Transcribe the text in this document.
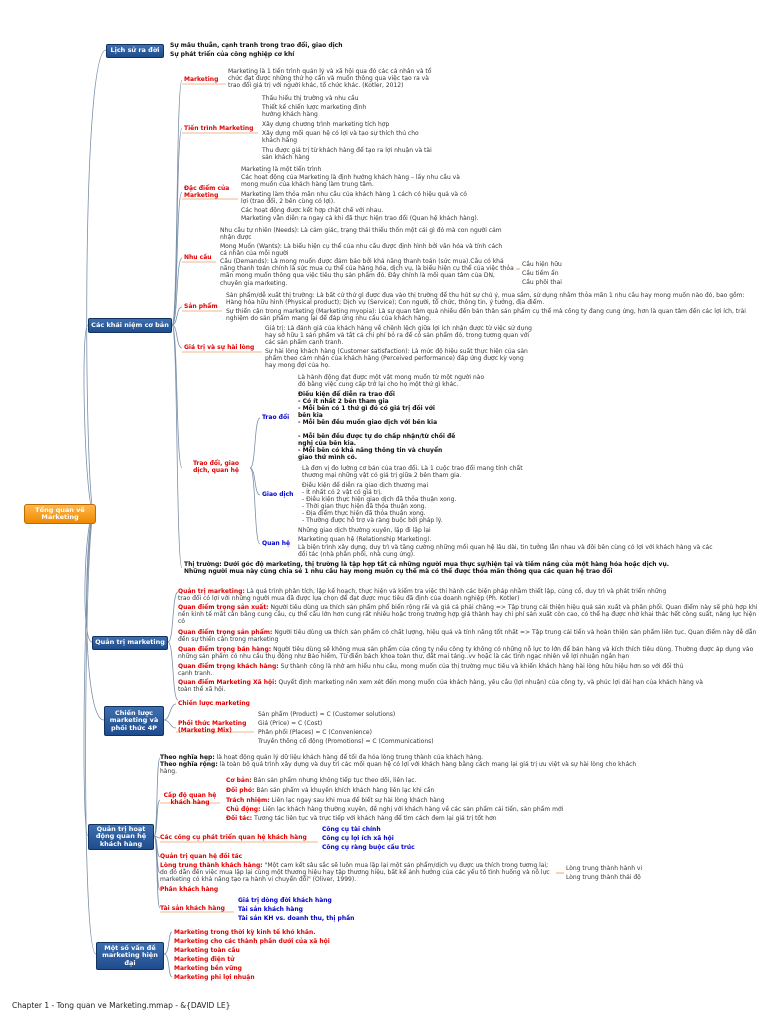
Tổng quan về Marketing
Lịch sử ra đời
Sự mâu thuẫn, cạnh tranh trong trao đổi, giao dịch
Sự phát triển của công nghiệp cơ khí
Các khái niệm cơ bản
Marketing
Marketing là 1 tiến trình quản lý và xã hội qua đó các cá nhân và tổ chức đạt được những thứ họ cần và muốn thông qua việc tạo ra và trao đổi giá trị với người khác, tổ chức khác. (Kotler, 2012)
Tiến trình Marketing
Thấu hiểu thị trường và nhu cầu
Thiết kế chiến lược marketing định hướng khách hàng
Xây dựng chương trình marketing tích hợp
Xây dựng mối quan hệ có lợi và tạo sự thích thú cho khách hàng
Thu được giá trị từ khách hàng để tạo ra lợi nhuận và tài sản khách hàng
Đặc điểm của Marketing
Marketing là một tiến trình
Các hoạt động của Marketing là định hướng khách hàng – lấy nhu cầu và mong muốn của khách hàng làm trung tâm.
Marketing làm thỏa mãn nhu cầu của khách hàng 1 cách có hiệu quả và có lợi (trao đổi, 2 bên cùng có lợi).
Các hoạt động được kết hợp chặt chẽ với nhau.
Marketing vẫn diễn ra ngay cả khi đã thực hiện trao đổi (Quan hệ khách hàng).
Nhu cầu
Nhu cầu tự nhiên (Needs): Là cảm giác, trạng thái thiếu thốn một cái gì đó mà con người cảm nhận được
Mong Muốn (Wants): Là biểu hiện cụ thể của nhu cầu được định hình bởi văn hóa và tính cách cá nhân của mỗi người
Cầu (Demands): Là mong muốn được đảm bảo bởi khả năng thanh toán (sức mua).Cầu có khả năng thanh toán chính là sức mua cụ thể của hàng hóa, dịch vụ, là biểu hiện cụ thể của việc thỏa mãn mong muốn thông qua việc tiêu thụ sản phẩm đó. Đây chính là mối quan tâm của DN, chuyên gia marketing.
Cầu hiện hữu
Cầu tiềm ẩn
Cầu phôi thai
Sản phẩm
Sản phẩm/dễ xuất thị trường: Là bất cứ thứ gì được đưa vào thị trường để thu hút sự chú ý, mua sắm, sử dụng nhằm thỏa mãn 1 nhu cầu hay mong muốn nào đó, bao gồm: Hàng hóa hữu hình (Physical product); Dịch vụ (Service); Con người, tổ chức, thông tin, ý tưởng, địa điểm.
Sự thiển cận trong marketing (Marketing myopia): Là sự quan tâm quá nhiều đến bản thân sản phẩm cụ thể mà công ty đang cung ứng, hơn là quan tâm đến các lợi ích, trải nghiệm do sản phẩm mang lại để đáp ứng nhu cầu của khách hàng.
Giá trị và sự hài lòng
Giá trị: Là đánh giá của khách hàng về chênh lệch giữa lợi ích nhận được từ việc sử dụng hay sở hữu 1 sản phẩm và tất cả chi phí bỏ ra để có sản phẩm đó, trong tương quan với các sản phẩm cạnh tranh.
Sự hài lòng khách hàng (Customer satisfaction): Là mức độ hiệu suất thực hiện của sản phẩm theo cảm nhận của khách hàng (Perceived performance) đáp ứng được kỳ vọng hay mong đợi của họ.
Trao đổi, giao dịch, quan hệ
Trao đổi
Là hành động đạt được một vật mong muốn từ một người nào đó bằng việc cung cấp trở lại cho họ một thứ gì khác.
Điều kiện để diễn ra trao đổi
- Có ít nhất 2 bên tham gia
- Mỗi bên có 1 thứ gì đó có giá trị đối với bên kia
- Mỗi bên đều muốn giao dịch với bên kia
- Mỗi bên đều được tự do chấp nhận/từ chối đề nghị của bên kia.
- Mỗi bên có khả năng thông tin và chuyển giao thứ mình có.
Giao dịch
Là đơn vị đo lường cơ bản của trao đổi. Là 1 cuộc trao đổi mang tính chất thương mại những vật có giá trị giữa 2 bên tham gia.
Điều kiện để diễn ra giao dịch thương mại
- Ít nhất có 2 vật có giá trị.
- Điều kiện thực hiện giao dịch đã thỏa thuận xong.
- Thời gian thực hiện đã thỏa thuận xong.
- Địa điểm thực hiện đã thỏa thuận xong.
- Thường được hỗ trợ và ràng buộc bởi pháp lý.
Quan hệ
Những giao dịch thường xuyên, lặp đi lặp lại
Marketing quan hệ (Relationship Marketing).
Là biện trình xây dựng, duy trì và tăng cường những mối quan hệ lâu dài, tin tưởng lẫn nhau và đôi bên cùng có lợi với khách hàng và các đối tác (nhà phân phối, nhà cung ứng).
Thị trường: Dưới góc độ marketing, thị trường là tập hợp tất cả những người mua thực sự/hiện tại và tiềm năng của một hàng hóa hoặc dịch vụ. Những người mua này cùng chia sẻ 1 nhu cầu hay mong muốn cụ thể mà có thể được thỏa mãn thông qua các quan hệ trao đổi
Quản trị marketing
Quản trị marketing: Là quá trình phân tích, lập kế hoạch, thực hiện và kiểm tra việc thi hành các biện pháp nhằm thiết lập, củng cố, duy trì và phát triển những trao đổi có lợi với những người mua đã được lựa chọn để đạt được mục tiêu đã định của doanh nghiệp (Ph. Kotler)
Quan điểm trọng sản xuất: Người tiêu dùng ưa thích sản phẩm phổ biến rộng rãi và giá cả phải chăng => Tập trung cải thiện hiệu quả sản xuất và phân phối. Quan điểm này sẽ phù hợp khi nền kinh tế mất cân bằng cung cầu, cụ thể cầu lớn hơn cung rất nhiều hoặc trong trường hợp giá thành hay chi phí sản xuất còn cao, có thể hạ được nhờ khai thác hết công suất, nâng lực hiện có
Quan điểm trọng sản phẩm: Người tiêu dùng ưa thích sản phẩm có chất lượng, hiệu quả và tính năng tốt nhất => Tập trung cải tiến và hoàn thiện sản phẩm liên tục. Quan điểm này dễ dẫn đến sự thiển cận trong marketing
Quan điểm trọng bán hàng: Người tiêu dùng sẽ không mua sản phẩm của công ty nếu công ty không có những nỗ lực to lớn để bán hàng và kích thích tiêu dùng. Thường được áp dụng vào những sản phẩm có nhu cầu thụ động như Bảo hiểm, Từ điển bách khoa toàn thư, đất mai táng..vv hoặc là các tình ngạc nhiên về lợi nhuận ngắn hạn
Quan điểm trọng khách hàng: Sự thành công là nhờ am hiểu nhu cầu, mong muốn của thị trường mục tiêu và khiến khách hàng hài lòng hữu hiệu hơn so với đối thủ cạnh tranh.
Quan điểm Marketing Xã hội: Quyết định marketing nên xem xét đến mong muốn của khách hàng, yêu cầu (lợi nhuận) của công ty, và phúc lợi dài hạn của khách hàng và toàn thể xã hội.
Chiến lược marketing và phối thức 4P
Chiến lược marketing
Phối thức Marketing (Marketing Mix)
Sản phẩm (Product) = C (Customer solutions)
Giá (Price) = C (Cost)
Phân phối (Places) = C (Convenience)
Truyền thông cổ động (Promotions) = C (Communications)
Quản trị hoạt động quan hệ khách hàng
Theo nghĩa hẹp: là hoạt động quản lý dữ liệu khách hàng để tối đa hóa lòng trung thành của khách hàng.
Theo nghĩa rộng: là toàn bộ quá trình xây dựng và duy trì các mối quan hệ có lợi với khách hàng bằng cách mang lại giá trị ưu việt và sự hài lòng cho khách hàng.
Cấp độ quan hệ khách hàng
Cơ bản: Bán sản phẩm nhưng không tiếp tục theo dõi, liên lạc.
Đối phó: Bán sản phẩm và khuyến khích khách hàng liên lạc khi cần
Trách nhiệm: Liên lạc ngay sau khi mua để biết sự hài lòng khách hàng
Chủ động: Liên lạc khách hàng thường xuyên, đề nghị với khách hàng về các sản phẩm cải tiến, sản phẩm mới
Đối tác: Tương tác liên tục và trực tiếp với khách hàng để tìm cách đem lại giá trị tốt hơn
Các công cụ phát triển quan hệ khách hàng
Công cụ tài chính
Công cụ lợi ích xã hội
Công cụ ràng buộc cấu trúc
Quản trị quan hệ đối tác
Lòng trung thành khách hàng: "Một cam kết sâu sắc sẽ luôn mua lặp lại một sản phẩm/dịch vụ được ưa thích trong tương lai; do đó dẫn đến việc mua lặp lại cùng một thương hiệu hay tập thương hiệu, bất kể ảnh hưởng của các yếu tố tình huống và nỗ lực marketing có khả năng tạo ra hành vi chuyển đổi" (Oliver, 1999).
Lòng trung thành hành vi
Lòng trung thành thái độ
Phân khách hàng
Tài sản khách hàng
Giá trị dòng đời khách hàng
Tài sản khách hàng
Tài sản KH vs. doanh thu, thị phần
Một số vấn đề marketing hiện đại
Marketing trong thời kỳ kinh tế khó khăn.
Marketing cho các thành phần dưới của xã hội
Marketing toàn cầu
Marketing điện tử
Marketing bền vững
Marketing phi lợi nhuận
Chapter 1 - Tong quan ve Marketing.mmap - &{DAVID LE}
